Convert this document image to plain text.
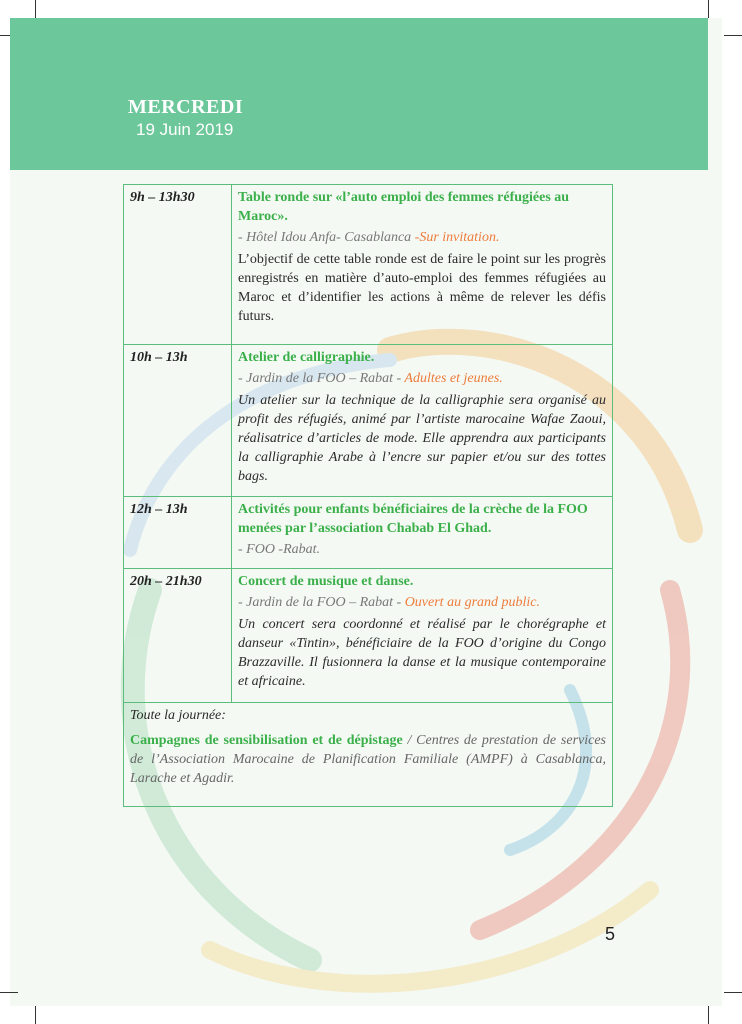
MERCREDI
19 Juin 2019
9h – 13h30	Table ronde sur «l’auto emploi des femmes réfugiées au Maroc».
- Hôtel Idou Anfa- Casablanca -Sur invitation.
L’objectif de cette table ronde est de faire le point sur les progrès enregistrés en matière d’auto-emploi des femmes réfugiées au Maroc et d’identifier les actions à même de relever les défis futurs.

10h – 13h	Atelier de calligraphie.
- Jardin de la FOO – Rabat - Adultes et jeunes.
Un atelier sur la technique de la calligraphie sera organisé au profit des réfugiés, animé par l’artiste marocaine Wafae Zaoui, réalisatrice d’articles de mode. Elle apprendra aux participants la calligraphie Arabe à l’encre sur papier et/ou sur des tottes bags.

12h – 13h	Activités pour enfants bénéficiaires de la crèche de la FOO menées par l’association Chabab El Ghad.
- FOO -Rabat.

20h – 21h30	Concert de musique et danse.
- Jardin de la FOO – Rabat - Ouvert au grand public.
Un concert sera coordonné et réalisé par le chorégraphe et danseur «Tintin», bénéficiaire de la FOO d’origine du Congo Brazzaville. Il fusionnera la danse et la musique contemporaine et africaine.

Toute la journée:
Campagnes de sensibilisation et de dépistage / Centres de prestation de services de l’Association Marocaine de Planification Familiale (AMPF) à Casablanca, Larache et Agadir.	
5
